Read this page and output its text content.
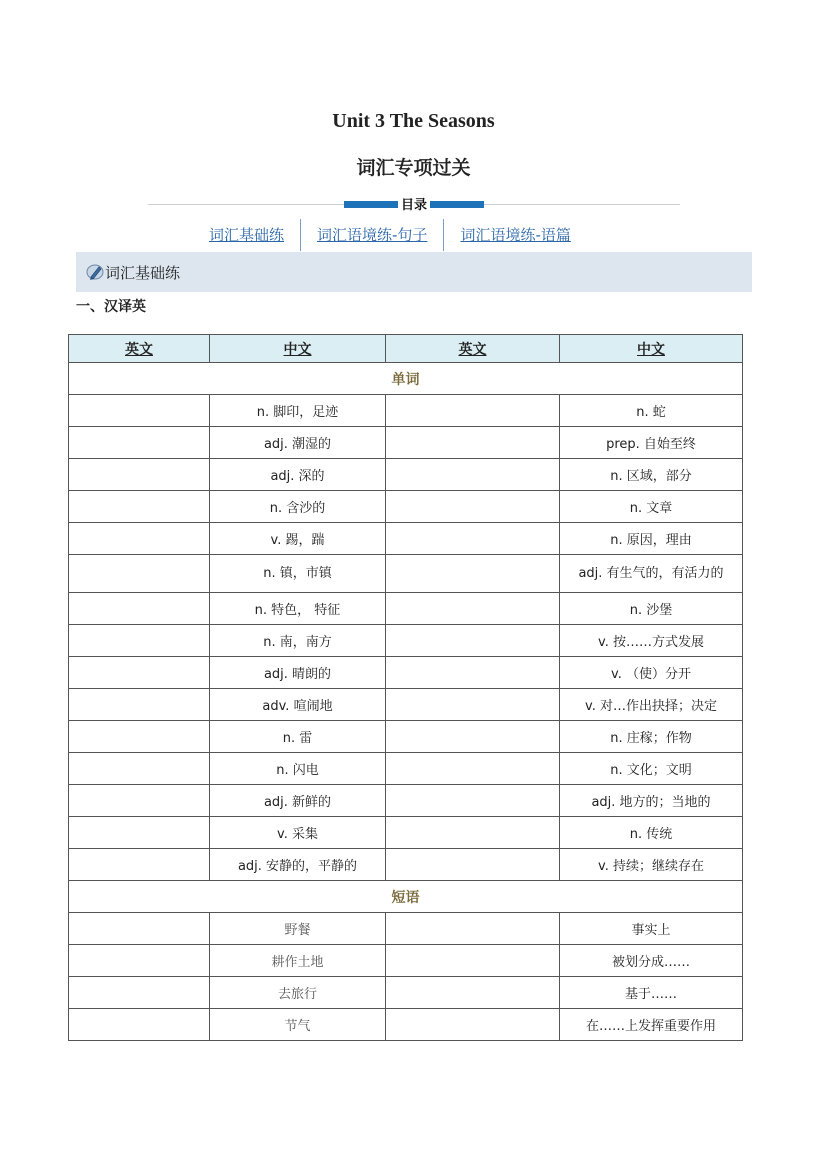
Unit 3 The Seasons
词汇专项过关
目录
词汇基础练	词汇语境练-句子	词汇语境练-语篇
词汇基础练
一、汉译英
英文	中文	英文	中文
单词			
	n. 脚印，足迹		n. 蛇
	adj. 潮湿的		prep. 自始至终
	adj. 深的		n. 区域，部分
	n. 含沙的		n. 文章
	v. 踢，踹		n. 原因，理由
	n. 镇，市镇		adj. 有生气的，有活力的
	n. 特色， 特征		n. 沙堡
	n. 南，南方		v. 按……方式发展
	adj. 晴朗的		v. （使）分开
	adv. 喧闹地		v. 对…作出抉择；决定
	n. 雷		n. 庄稼；作物
	n. 闪电		n. 文化；文明
	adj. 新鲜的		adj. 地方的；当地的
	v. 采集		n. 传统
	adj. 安静的，平静的		v. 持续；继续存在
短语			
	野餐		事实上
	耕作土地		被划分成……
	去旅行		基于……
	节气		在……上发挥重要作用
